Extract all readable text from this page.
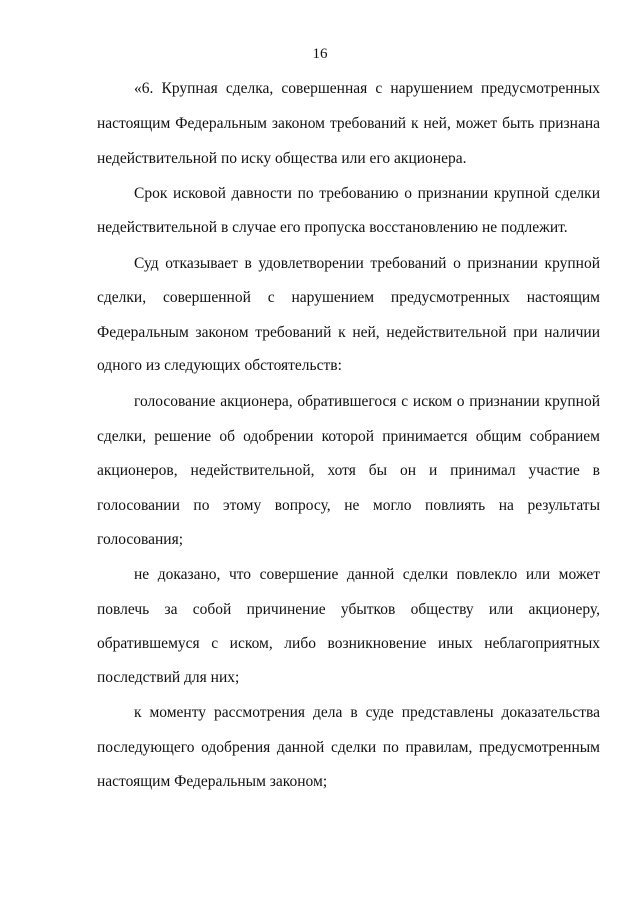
16
«6. Крупная сделка, совершенная с нарушением предусмотренных
настоящим Федеральным законом требований к ней, может быть признана
недействительной по иску общества или его акционера.
Срок исковой давности по требованию о признании крупной сделки
недействительной в случае его пропуска восстановлению не подлежит.
Суд отказывает в удовлетворении требований о признании крупной
сделки, совершенной с нарушением предусмотренных настоящим
Федеральным законом требований к ней, недействительной при наличии
одного из следующих обстоятельств:
голосование акционера, обратившегося с иском о признании крупной
сделки, решение об одобрении которой принимается общим собранием
акционеров, недействительной, хотя бы он и принимал участие в
голосовании по этому вопросу, не могло повлиять на результаты
голосования;
не доказано, что совершение данной сделки повлекло или может
повлечь за собой причинение убытков обществу или акционеру,
обратившемуся с иском, либо возникновение иных неблагоприятных
последствий для них;
к моменту рассмотрения дела в суде представлены доказательства
последующего одобрения данной сделки по правилам, предусмотренным
настоящим Федеральным законом;
